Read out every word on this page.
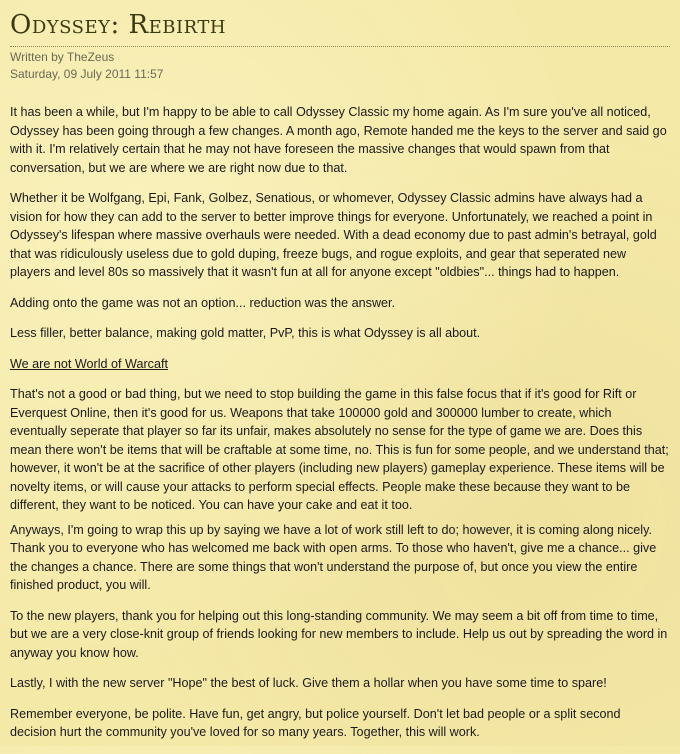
Odyssey: Rebirth
Written by TheZeus
Saturday, 09 July 2011 11:57

It has been a while, but I'm happy to be able to call Odyssey Classic my home again. As I'm sure you've all noticed, Odyssey has been going through a few changes. A month ago, Remote handed me the keys to the server and said go with it. I'm relatively certain that he may not have foreseen the massive changes that would spawn from that conversation, but we are where we are right now due to that.

Whether it be Wolfgang, Epi, Fank, Golbez, Senatious, or whomever, Odyssey Classic admins have always had a vision for how they can add to the server to better improve things for everyone. Unfortunately, we reached a point in Odyssey's lifespan where massive overhauls were needed. With a dead economy due to past admin's betrayal, gold that was ridiculously useless due to gold duping, freeze bugs, and rogue exploits, and gear that seperated new players and level 80s so massively that it wasn't fun at all for anyone except "oldbies"... things had to happen.

Adding onto the game was not an option... reduction was the answer.

Less filler, better balance, making gold matter, PvP, this is what Odyssey is all about.

We are not World of Warcaft

That's not a good or bad thing, but we need to stop building the game in this false focus that if it's good for Rift or Everquest Online, then it's good for us. Weapons that take 100000 gold and 300000 lumber to create, which eventually seperate that player so far its unfair, makes absolutely no sense for the type of game we are. Does this mean there won't be items that will be craftable at some time, no. This is fun for some people, and we understand that; however, it won't be at the sacrifice of other players (including new players) gameplay experience. These items will be novelty items, or will cause your attacks to perform special effects. People make these because they want to be different, they want to be noticed. You can have your cake and eat it too.

Anyways, I'm going to wrap this up by saying we have a lot of work still left to do; however, it is coming along nicely. Thank you to everyone who has welcomed me back with open arms. To those who haven't, give me a chance... give the changes a chance. There are some things that won't understand the purpose of, but once you view the entire finished product, you will.

To the new players, thank you for helping out this long-standing community. We may seem a bit off from time to time, but we are a very close-knit group of friends looking for new members to include. Help us out by spreading the word in anyway you know how.

Lastly, I with the new server "Hope" the best of luck. Give them a hollar when you have some time to spare!

Remember everyone, be polite. Have fun, get angry, but police yourself. Don't let bad people or a split second decision hurt the community you've loved for so many years. Together, this will work.
